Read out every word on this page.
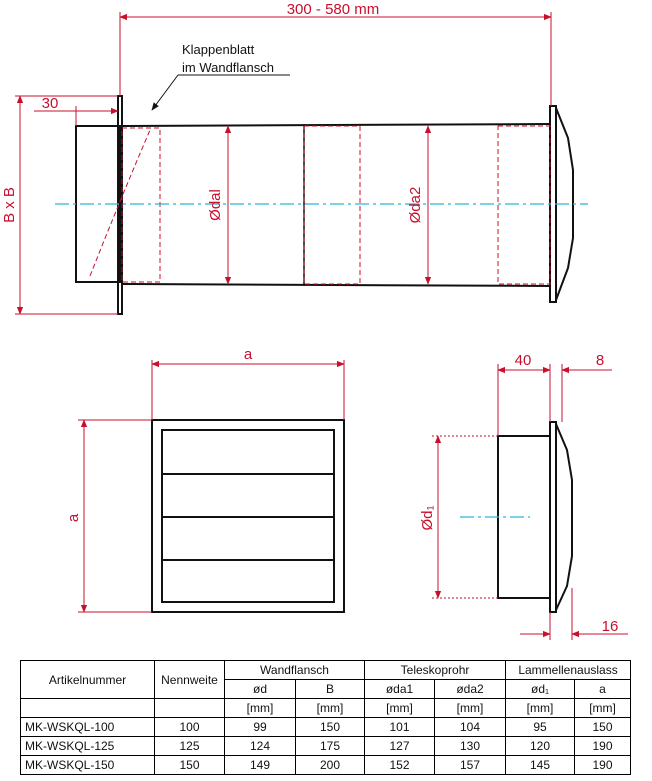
300 - 580 mm
30
Klappenblatt
im Wandflansch
B x B	Ødal	Øda2
a
a	Ød₁
40	8
16
Artikelnummer	Nennweite	Wandflansch		Teleskoprohr		Lammellenauslass	
		ød	B	øda1	øda2	ød₁	a
		[mm]	[mm]	[mm]	[mm]	[mm]	[mm]
MK-WSKQL-100	100	99	150	101	104	95	150
MK-WSKQL-125	125	124	175	127	130	120	190
MK-WSKQL-150	150	149	200	152	157	145	190
